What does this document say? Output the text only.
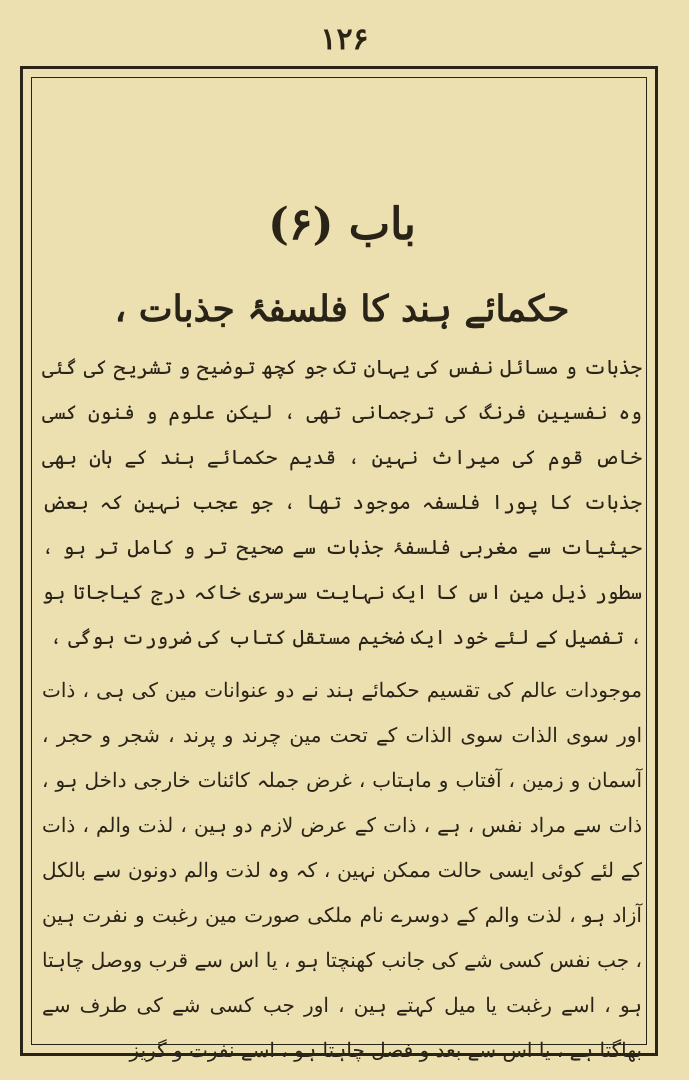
۱۲۶
باب (۶)
حکمائے ہند کا فلسفۂ جذبات ،

جذبات و مسائل نفس کی یہان تک جو کچھ توضیح و تشریح کی گئی وہ نفسیین فرنگ کی ترجمانی تھی ، لیکن علوم و فنون کسی خاص قوم کی میراث نہین ، قدیم حکمائے ہند کے ہان بھی جذبات کا پورا فلسفہ موجود تھا ، جو عجب نہین کہ بعض حیثیات سے مغربی فلسفۂ جذبات سے صحیح تر و کامل تر ہو ، سطور ذیل مین اس کا ایک نہایت سرسری خاکہ درج کیاجاتا ہو ، تفصیل کے لئے خود ایک ضخیم مستقل کتاب کی ضرورت ہوگی ،

موجودات عالم کی تقسیم حکمائے ہند نے دو عنوانات مین کی ہی ، ذات اور سوی الذات سوی الذات کے تحت مین چرند و پرند ، شجر و حجر ، آسمان و زمین ، آفتاب و ماہتاب ، غرض جملہ کائنات خارجی داخل ہو ، ذات سے مراد نفس ، ہے ، ذات کے عرض لازم دو ہین ، لذت والم ، ذات کے لئے کوئی ایسی حالت ممکن نہین ، کہ وہ لذت والم دونون سے بالکل آزاد ہو ، لذت والم کے دوسرے نام ملکی صورت مین رغبت و نفرت ہین ، جب نفس کسی شے کی جانب کھنچتا ہو ، یا اس سے قرب ووصل چاہتا ہو ، اسے رغبت یا میل کہتے ہین ، اور جب کسی شے کی طرف سے بھاگتا ہے ، یا اس سے بعد و فصل چاہتا ہو ، اسے نفرت و گریز
